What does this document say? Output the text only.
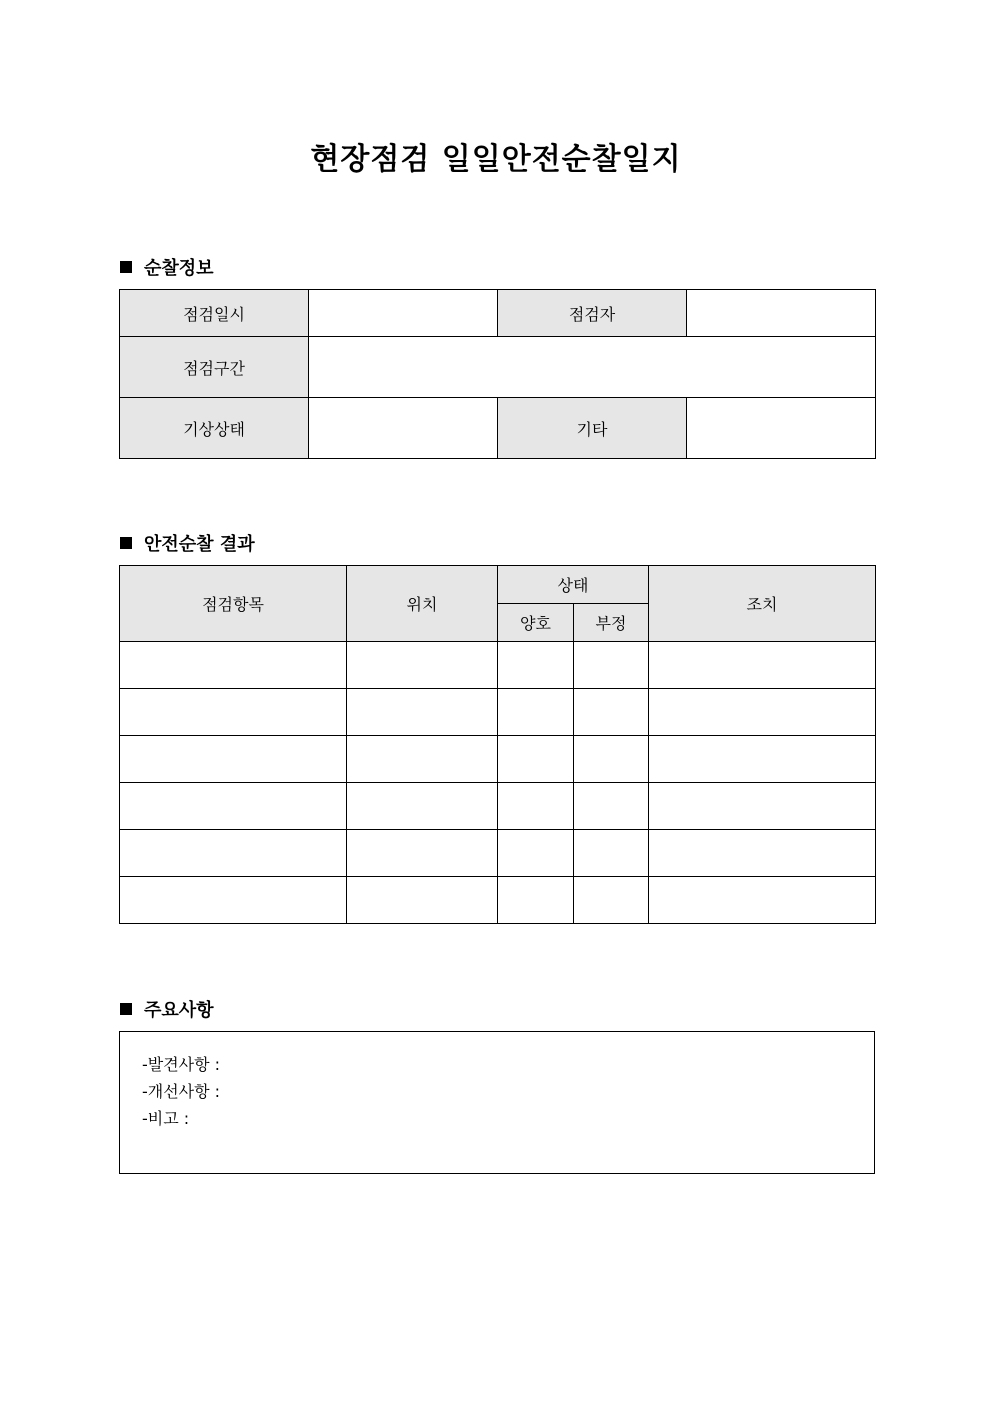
현장점검 일일안전순찰일지
순찰정보
점검일시		점검자	
점검구간			
기상상태		기타	
안전순찰 결과
점검항목	위치	상태		조치
		양호	부정	

주요사항
-발견사항 :
-개선사항 :
-비고 :
